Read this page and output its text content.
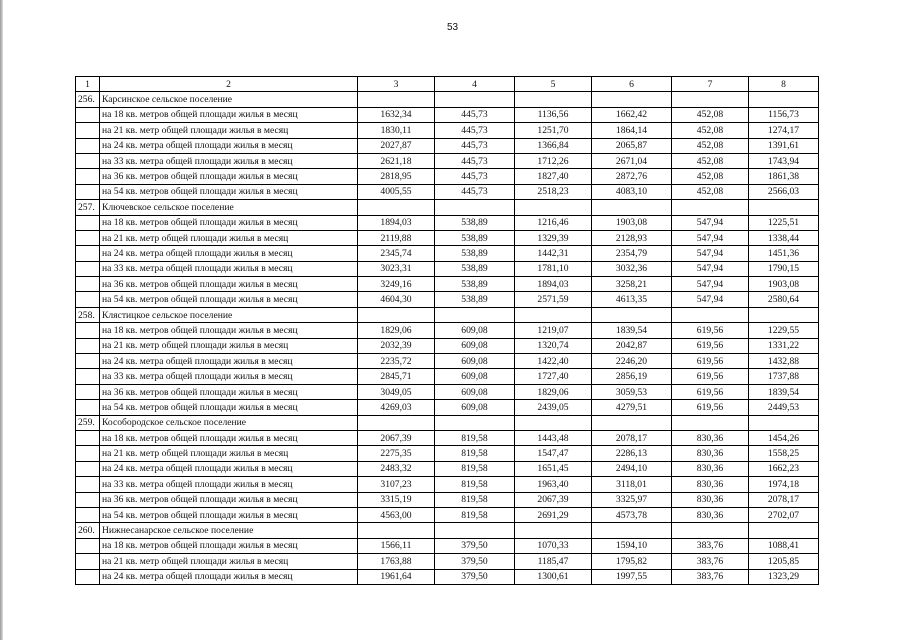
53
1	2	3	4	5	6	7	8
256.	Карсинское сельское поселение						
	на 18 кв. метров общей площади жилья в месяц	1632,34	445,73	1136,56	1662,42	452,08	1156,73
	на 21 кв. метр общей площади жилья в месяц	1830,11	445,73	1251,70	1864,14	452,08	1274,17
	на 24 кв. метра общей площади жилья в месяц	2027,87	445,73	1366,84	2065,87	452,08	1391,61
	на 33 кв. метра общей площади жилья в месяц	2621,18	445,73	1712,26	2671,04	452,08	1743,94
	на 36 кв. метров общей площади жилья в месяц	2818,95	445,73	1827,40	2872,76	452,08	1861,38
	на 54 кв. метров общей площади жилья в месяц	4005,55	445,73	2518,23	4083,10	452,08	2566,03
257.	Ключевское сельское поселение						
	на 18 кв. метров общей площади жилья в месяц	1894,03	538,89	1216,46	1903,08	547,94	1225,51
	на 21 кв. метр общей площади жилья в месяц	2119,88	538,89	1329,39	2128,93	547,94	1338,44
	на 24 кв. метра общей площади жилья в месяц	2345,74	538,89	1442,31	2354,79	547,94	1451,36
	на 33 кв. метра общей площади жилья в месяц	3023,31	538,89	1781,10	3032,36	547,94	1790,15
	на 36 кв. метров общей площади жилья в месяц	3249,16	538,89	1894,03	3258,21	547,94	1903,08
	на 54 кв. метров общей площади жилья в месяц	4604,30	538,89	2571,59	4613,35	547,94	2580,64
258.	Клястицкое сельское поселение						
	на 18 кв. метров общей площади жилья в месяц	1829,06	609,08	1219,07	1839,54	619,56	1229,55
	на 21 кв. метр общей площади жилья в месяц	2032,39	609,08	1320,74	2042,87	619,56	1331,22
	на 24 кв. метра общей площади жилья в месяц	2235,72	609,08	1422,40	2246,20	619,56	1432,88
	на 33 кв. метра общей площади жилья в месяц	2845,71	609,08	1727,40	2856,19	619,56	1737,88
	на 36 кв. метров общей площади жилья в месяц	3049,05	609,08	1829,06	3059,53	619,56	1839,54
	на 54 кв. метров общей площади жилья в месяц	4269,03	609,08	2439,05	4279,51	619,56	2449,53
259.	Кособородское сельское поселение						
	на 18 кв. метров общей площади жилья в месяц	2067,39	819,58	1443,48	2078,17	830,36	1454,26
	на 21 кв. метр общей площади жилья в месяц	2275,35	819,58	1547,47	2286,13	830,36	1558,25
	на 24 кв. метра общей площади жилья в месяц	2483,32	819,58	1651,45	2494,10	830,36	1662,23
	на 33 кв. метра общей площади жилья в месяц	3107,23	819,58	1963,40	3118,01	830,36	1974,18
	на 36 кв. метров общей площади жилья в месяц	3315,19	819,58	2067,39	3325,97	830,36	2078,17
	на 54 кв. метров общей площади жилья в месяц	4563,00	819,58	2691,29	4573,78	830,36	2702,07
260.	Нижнесанарское сельское поселение						
	на 18 кв. метров общей площади жилья в месяц	1566,11	379,50	1070,33	1594,10	383,76	1088,41
	на 21 кв. метр общей площади жилья в месяц	1763,88	379,50	1185,47	1795,82	383,76	1205,85
	на 24 кв. метра общей площади жилья в месяц	1961,64	379,50	1300,61	1997,55	383,76	1323,29
